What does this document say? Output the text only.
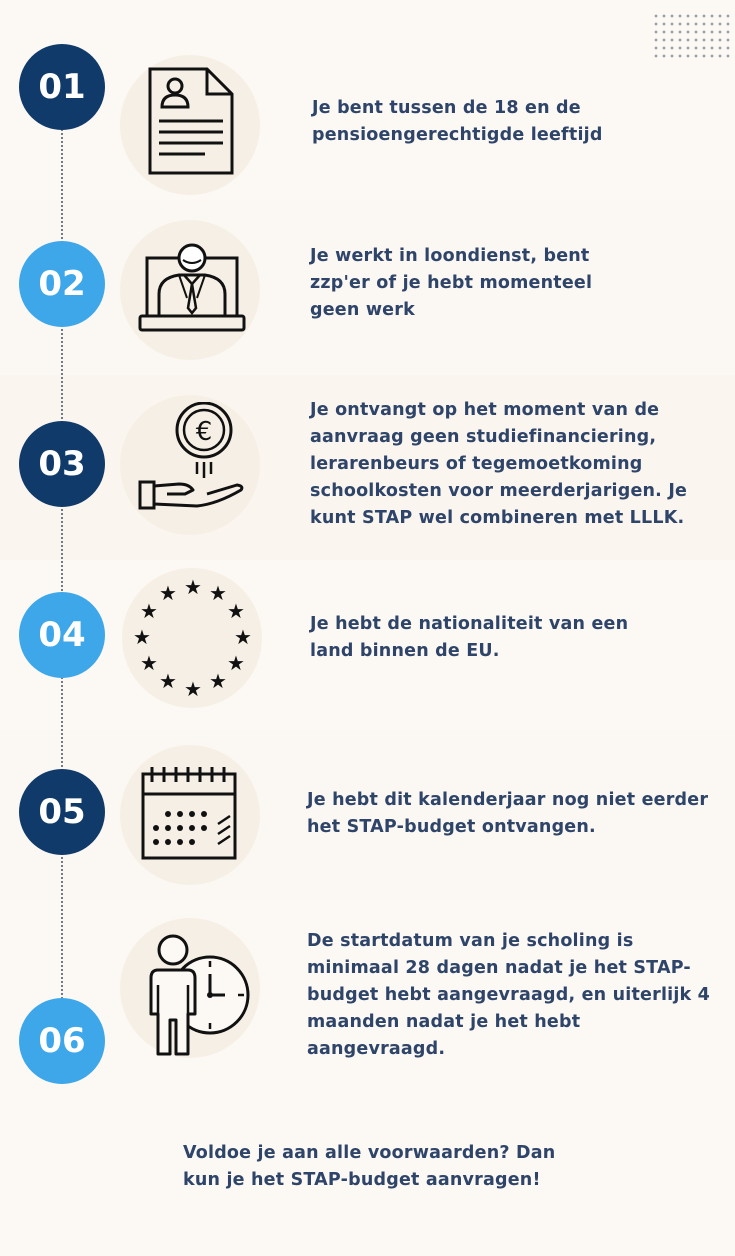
01
Je bent tussen de 18 en de
pensioengerechtigde leeftijd
02
Je werkt in loondienst, bent
zzp'er of je hebt momenteel
geen werk
03
€
Je ontvangt op het moment van de
aanvraag geen studiefinanciering,
lerarenbeurs of tegemoetkoming
schoolkosten voor meerderjarigen. Je
kunt STAP wel combineren met LLLK.
04
★ ★
★
★
★
★
★
★
★
★
★
★
Je hebt de nationaliteit van een
land binnen de EU.
05	Je hebt dit kalenderjaar nog niet eerder
het STAP-budget ontvangen.
06
De startdatum van je scholing is
minimaal 28 dagen nadat je het STAP-
budget hebt aangevraagd, en uiterlijk 4
maanden nadat je het hebt
aangevraagd.
Voldoe je aan alle voorwaarden? Dan
kun je het STAP-budget aanvragen!
